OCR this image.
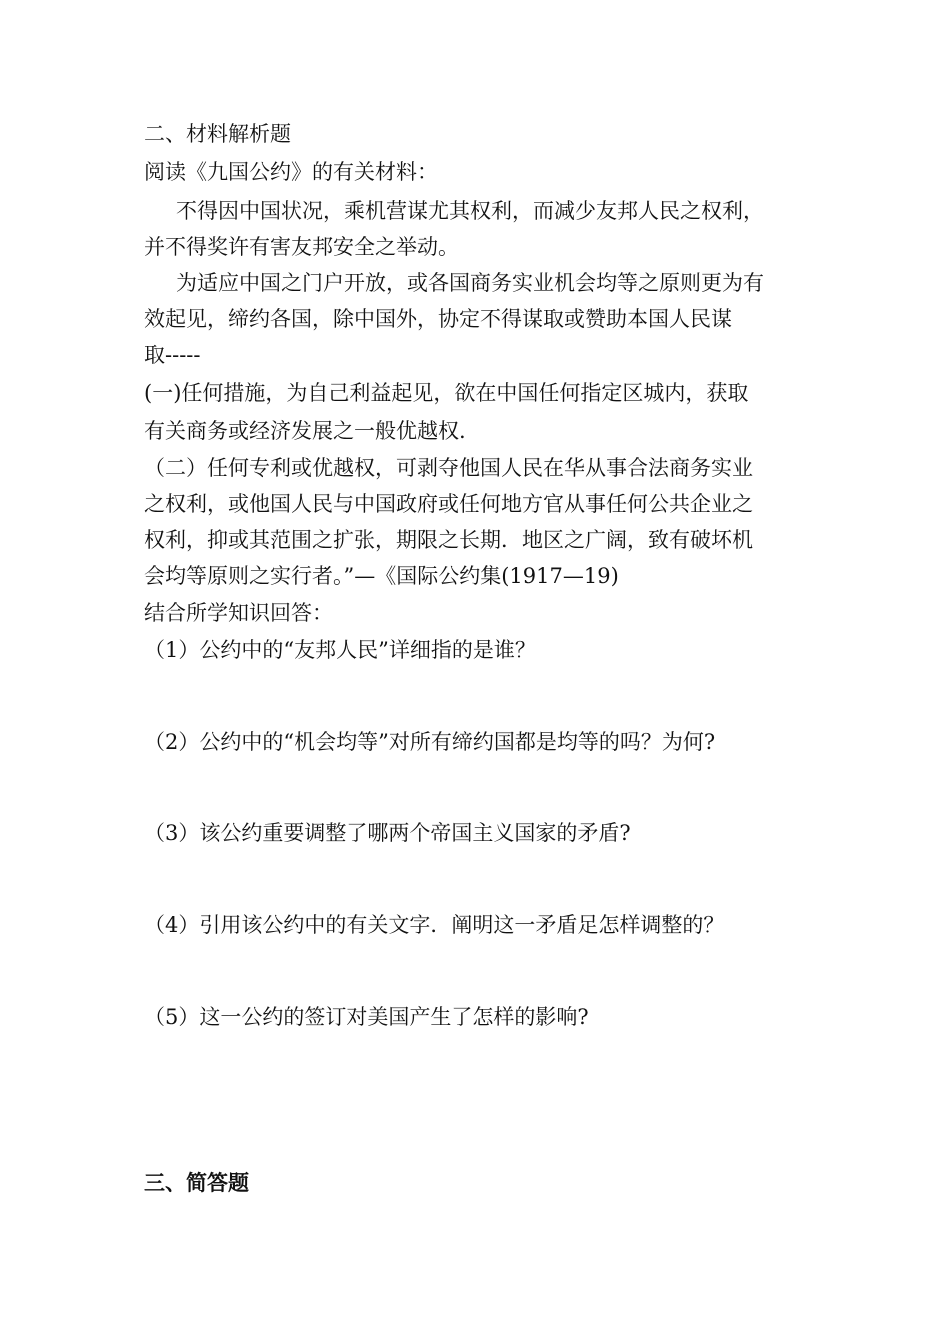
二、材料解析题

阅读《九国公约》的有关材料：

不得因中国状况，乘机营谋尤其权利，而减少友邦人民之权利，

并不得奖许有害友邦安全之举动。

为适应中国之门户开放，或各国商务实业机会均等之原则更为有

效起见，缔约各国，除中国外，协定不得谋取或赞助本国人民谋

取-----

(一)任何措施，为自己利益起见，欲在中国任何指定区城内，获取

有关商务或经济发展之一般优越权.

（二）任何专利或优越权，可剥夺他国人民在华从事合法商务实业

之权利，或他国人民与中国政府或任何地方官从事任何公共企业之

权利，抑或其范围之扩张，期限之长期．地区之广阔，致有破坏机

会均等原则之实行者。”—《国际公约集(1917—19)

结合所学知识回答：

（1）公约中的“友邦人民”详细指的是谁？

（2）公约中的“机会均等”对所有缔约国都是均等的吗？为何?

（3）该公约重要调整了哪两个帝国主义国家的矛盾?

（4）引用该公约中的有关文字．阐明这一矛盾足怎样调整的？

（5）这一公约的签订对美国产生了怎样的影响?

三、简答题
